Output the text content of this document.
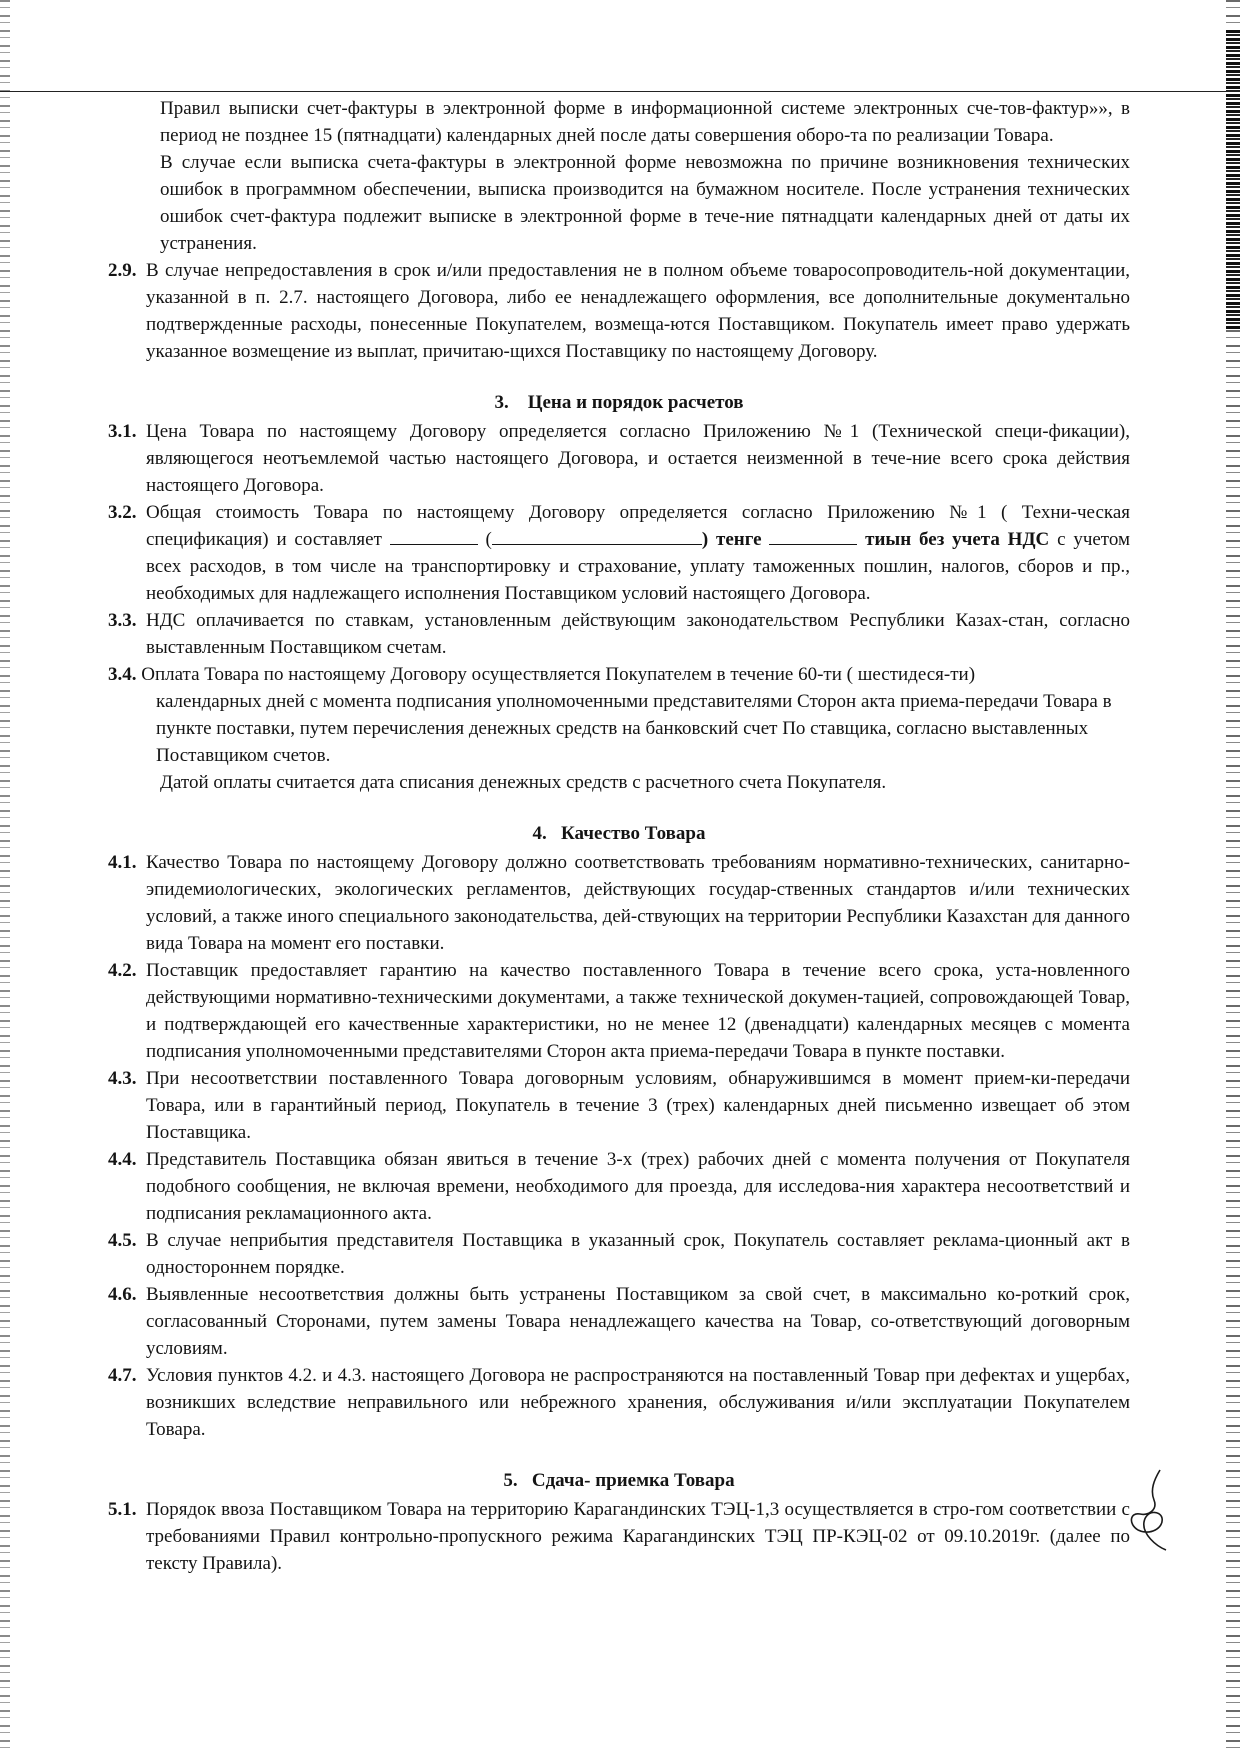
Правил выписки счет-фактуры в электронной форме в информационной системе электронных сче-тов-фактур»», в период не позднее 15 (пятнадцати) календарных дней после даты совершения оборо-та по реализации Товара.

В случае если выписка счета-фактуры в электронной форме невозможна по причине возникновения технических ошибок в программном обеспечении, выписка производится на бумажном носителе. После устранения технических ошибок счет-фактура подлежит выписке в электронной форме в тече-ние пятнадцати календарных дней от даты их устранения.

2.9. В случае непредоставления в срок и/или предоставления не в полном объеме товаросопроводитель-ной документации, указанной в п. 2.7. настоящего Договора, либо ее ненадлежащего оформления, все дополнительные документально подтвержденные расходы, понесенные Покупателем, возмеща-ются Поставщиком. Покупатель имеет право удержать указанное возмещение из выплат, причитаю-щихся Поставщику по настоящему Договору.

3. Цена и порядок расчетов

3.1. Цена Товара по настоящему Договору определяется согласно Приложению №1 (Технической специ-фикации), являющегося неотъемлемой частью настоящего Договора, и остается неизменной в тече-ние всего срока действия настоящего Договора.

3.2. Общая стоимость Товара по настоящему Договору определяется согласно Приложению №1 ( Техни-ческая спецификация) и составляет	(	) тенге	тиын без учета НДС с учетом всех расходов, в том числе на транспортировку и страхование, уплату таможенных пошлин, налогов, сборов и пр., необходимых для надлежащего исполнения Поставщиком условий настоящего Договора.

3.3. НДС оплачивается по ставкам, установленным действующим законодательством Республики Казах-стан, согласно выставленным Поставщиком счетам.

3.4. Оплата Товара по настоящему Договору осуществляется Покупателем в течение 60-ти ( шестидеся-ти)

календарных дней с момента подписания уполномоченными представителями Сторон акта приема-передачи Товара в пункте поставки, путем перечисления денежных средств на банковский счет По ставщика, согласно выставленных Поставщиком счетов.

Датой оплаты считается дата списания денежных средств с расчетного счета Покупателя.

4. Качество Товара

4.1. Качество Товара по настоящему Договору должно соответствовать требованиям нормативно-технических, санитарно-эпидемиологических, экологических регламентов, действующих государ-ственных стандартов и/или технических условий, а также иного специального законодательства, дей-ствующих на территории Республики Казахстан для данного вида Товара на момент его поставки.

4.2. Поставщик предоставляет гарантию на качество поставленного Товара в течение всего срока, уста-новленного действующими нормативно-техническими документами, а также технической докумен-тацией, сопровождающей Товар, и подтверждающей его качественные характеристики, но не менее 12 (двенадцати) календарных месяцев с момента подписания уполномоченными представителями Сторон акта приема-передачи Товара в пункте поставки.

4.3. При несоответствии поставленного Товара договорным условиям, обнаружившимся в момент прием-ки-передачи Товара, или в гарантийный период, Покупатель в течение 3 (трех) календарных дней письменно извещает об этом Поставщика.

4.4. Представитель Поставщика обязан явиться в течение 3-х (трех) рабочих дней с момента получения от Покупателя подобного сообщения, не включая времени, необходимого для проезда, для исследова-ния характера несоответствий и подписания рекламационного акта.

4.5. В случае неприбытия представителя Поставщика в указанный срок, Покупатель составляет реклама-ционный акт в одностороннем порядке.

4.6. Выявленные несоответствия должны быть устранены Поставщиком за свой счет, в максимально ко-роткий срок, согласованный Сторонами, путем замены Товара ненадлежащего качества на Товар, со-ответствующий договорным условиям.

4.7. Условия пунктов 4.2. и 4.3. настоящего Договора не распространяются на поставленный Товар при дефектах и ущербах, возникших вследствие неправильного или небрежного хранения, обслуживания и/или эксплуатации Покупателем Товара.

5. Сдача- приемка Товара

5.1. Порядок ввоза Поставщиком Товара на территорию Карагандинских ТЭЦ-1,3 осуществляется в стро-гом соответствии с требованиями Правил контрольно-пропускного режима Карагандинских ТЭЦ ПР-КЭЦ-02 от 09.10.2019г. (далее по тексту Правила).
